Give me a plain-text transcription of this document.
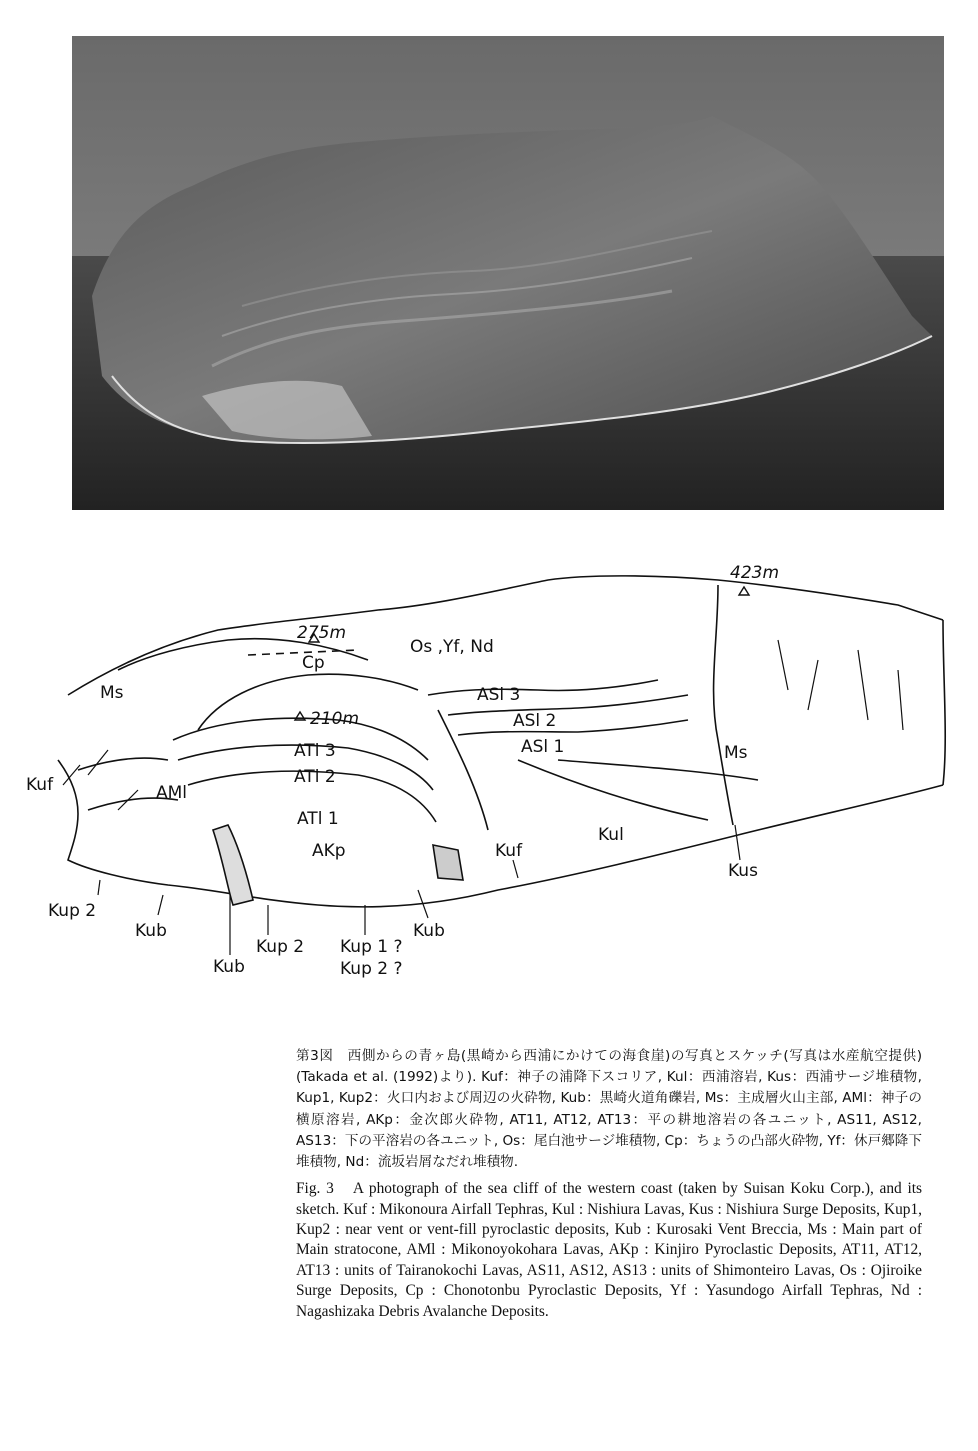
423m
275m
210m
Os ,Yf, Nd
Cp
Ms
Ms
ASl 3
ASl 2
ASl 1
ATl 3
ATl 2
AMl
ATl 1
Kul
Kuf
AKp	Kuf
Kus
Kup 2
Kub	Kub
Kup 2 Kup 1 ?
Kub	Kup 2 ?

第3図　西側からの青ヶ島(黒崎から西浦にかけての海食崖)の写真とスケッチ(写真は水産航空提供)(Takada et al. (1992)より). Kuf：神子の浦降下スコリア, Kul：西浦溶岩, Kus：西浦サージ堆積物, Kup1, Kup2：火口内および周辺の火砕物, Kub：黒崎火道角礫岩, Ms：主成層火山主部, AMl：神子の横原溶岩, AKp：金次郎火砕物, AT11, AT12, AT13：平の耕地溶岩の各ユニット, AS11, AS12, AS13：下の平溶岩の各ユニット, Os：尾白池サージ堆積物, Cp：ちょうの凸部火砕物, Yf：休戸郷降下堆積物, Nd：流坂岩屑なだれ堆積物.

Fig. 3　A photograph of the sea cliff of the western coast (taken by Suisan Koku Corp.), and its sketch. Kuf : Mikonoura Airfall Tephras, Kul : Nishiura Lavas, Kus : Nishiura Surge Deposits, Kup1, Kup2 : near vent or vent-fill pyroclastic deposits, Kub : Kurosaki Vent Breccia, Ms : Main part of Main stratocone, AMl : Mikonoyokohara Lavas, AKp : Kinjiro Pyroclastic Deposits, AT11, AT12, AT13 : units of Tairanokochi Lavas, AS11, AS12, AS13 : units of Shimonteiro Lavas, Os : Ojiroike Surge Deposits, Cp : Chonotonbu Pyroclastic Deposits, Yf : Yasundogo Airfall Tephras, Nd : Nagashizaka Debris Avalanche Deposits.
